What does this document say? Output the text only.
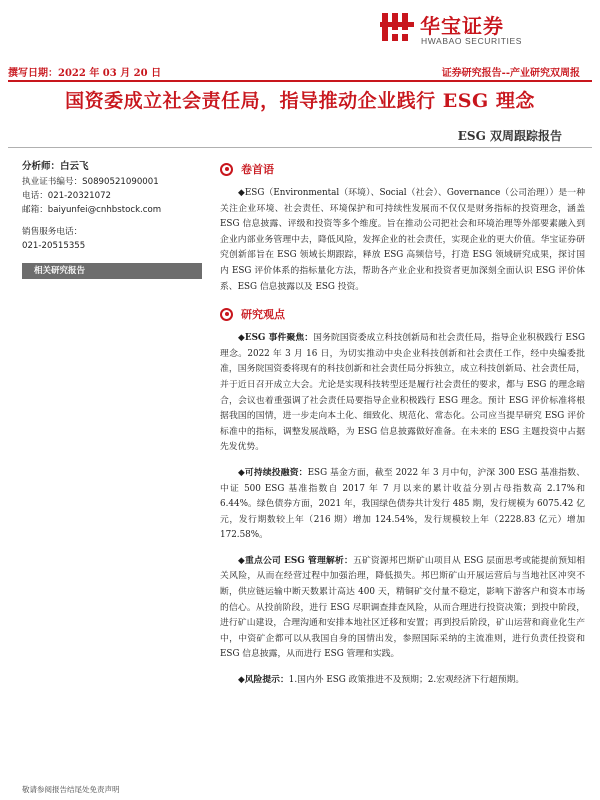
华宝证券
HWABAO SECURITIES
撰写日期：2022 年 03 月 20 日	证券研究报告--产业研究双周报
国资委成立社会责任局，指导推动企业践行 ESG 理念
ESG 双周跟踪报告
分析师：白云飞
执业证书编号：S0890521090001
电话：021-20321072
邮箱：baiyunfei@cnhbstock.com
销售服务电话：
021-20515355
相关研究报告
卷首语

◆ESG（Environmental（环境）、Social（社会）、Governance（公司治理））是一种关注企业环境、社会责任、环境保护和可持续性发展而不仅仅是财务指标的投资理念，涵盖 ESG 信息披露、评级和投资等多个维度。旨在推动公司把社会和环境治理等外部要素融入到企业内部业务管理中去，降低风险，发挥企业的社会责任，实现企业的更大价值。华宝证券研究创新部旨在 ESG 领域长期跟踪，释放 ESG 高频信号，打造 ESG 领域研究成果，探讨国内 ESG 评价体系的指标量化方法，帮助各产业企业和投资者更加深刻全面认识 ESG 评价体系、ESG 信息披露以及 ESG 投资。

研究观点

◆ESG 事件聚焦：国务院国资委成立科技创新局和社会责任局，指导企业积极践行 ESG 理念。2022 年 3 月 16 日，为切实推动中央企业科技创新和社会责任工作，经中央编委批准，国务院国资委将现有的科技创新和社会责任局分拆独立，成立科技创新局、社会责任局，并于近日召开成立大会。尤论是实现科技转型还是履行社会责任的要求，都与 ESG 的理念暗合，会议也着重强调了社会责任局要指导企业积极践行 ESG 理念。预计 ESG 评价标准将根据我国的国情，进一步走向本土化、细致化、规范化、常态化。公司应当提早研究 ESG 评价标准中的指标，调整发展战略，为 ESG 信息披露做好准备。在未来的 ESG 主题投资中占据先发优势。

◆可持续投融资：ESG 基金方面，截至 2022 年 3 月中旬，沪深 300 ESG 基准指数、中证 500 ESG 基准指数自 2017 年 7 月以来的累计收益分别占母指数高 2.17%和 6.44%。绿色债券方面，2021 年，我国绿色债券共计发行 485 期，发行规模为 6075.42 亿元，发行期数较上年（216 期）增加 124.54%，发行规模较上年（2228.83 亿元）增加 172.58%。

◆重点公司 ESG 管理解析：五矿资源邦巴斯矿山项目从 ESG 层面思考或能提前预知相关风险，从而在经营过程中加强治理，降低损失。邦巴斯矿山开展运营后与当地社区冲突不断，供应链运输中断天数累计高达 400 天，精铜矿交付量不稳定，影响下游客户和资本市场的信心。从投前阶段，进行 ESG 尽职调查排查风险，从而合理进行投资决策；到投中阶段，进行矿山建设，合理沟通和安排本地社区迁移和安置；再到投后阶段，矿山运营和商业化生产中，中资矿企都可以从我国自身的国情出发，参照国际采纳的主流准则，进行负责任投资和 ESG 信息披露，从而进行 ESG 管理和实践。

◆风险提示：1.国内外 ESG 政策推进不及预期；2.宏观经济下行超预期。

敬请参阅报告结尾处免责声明
